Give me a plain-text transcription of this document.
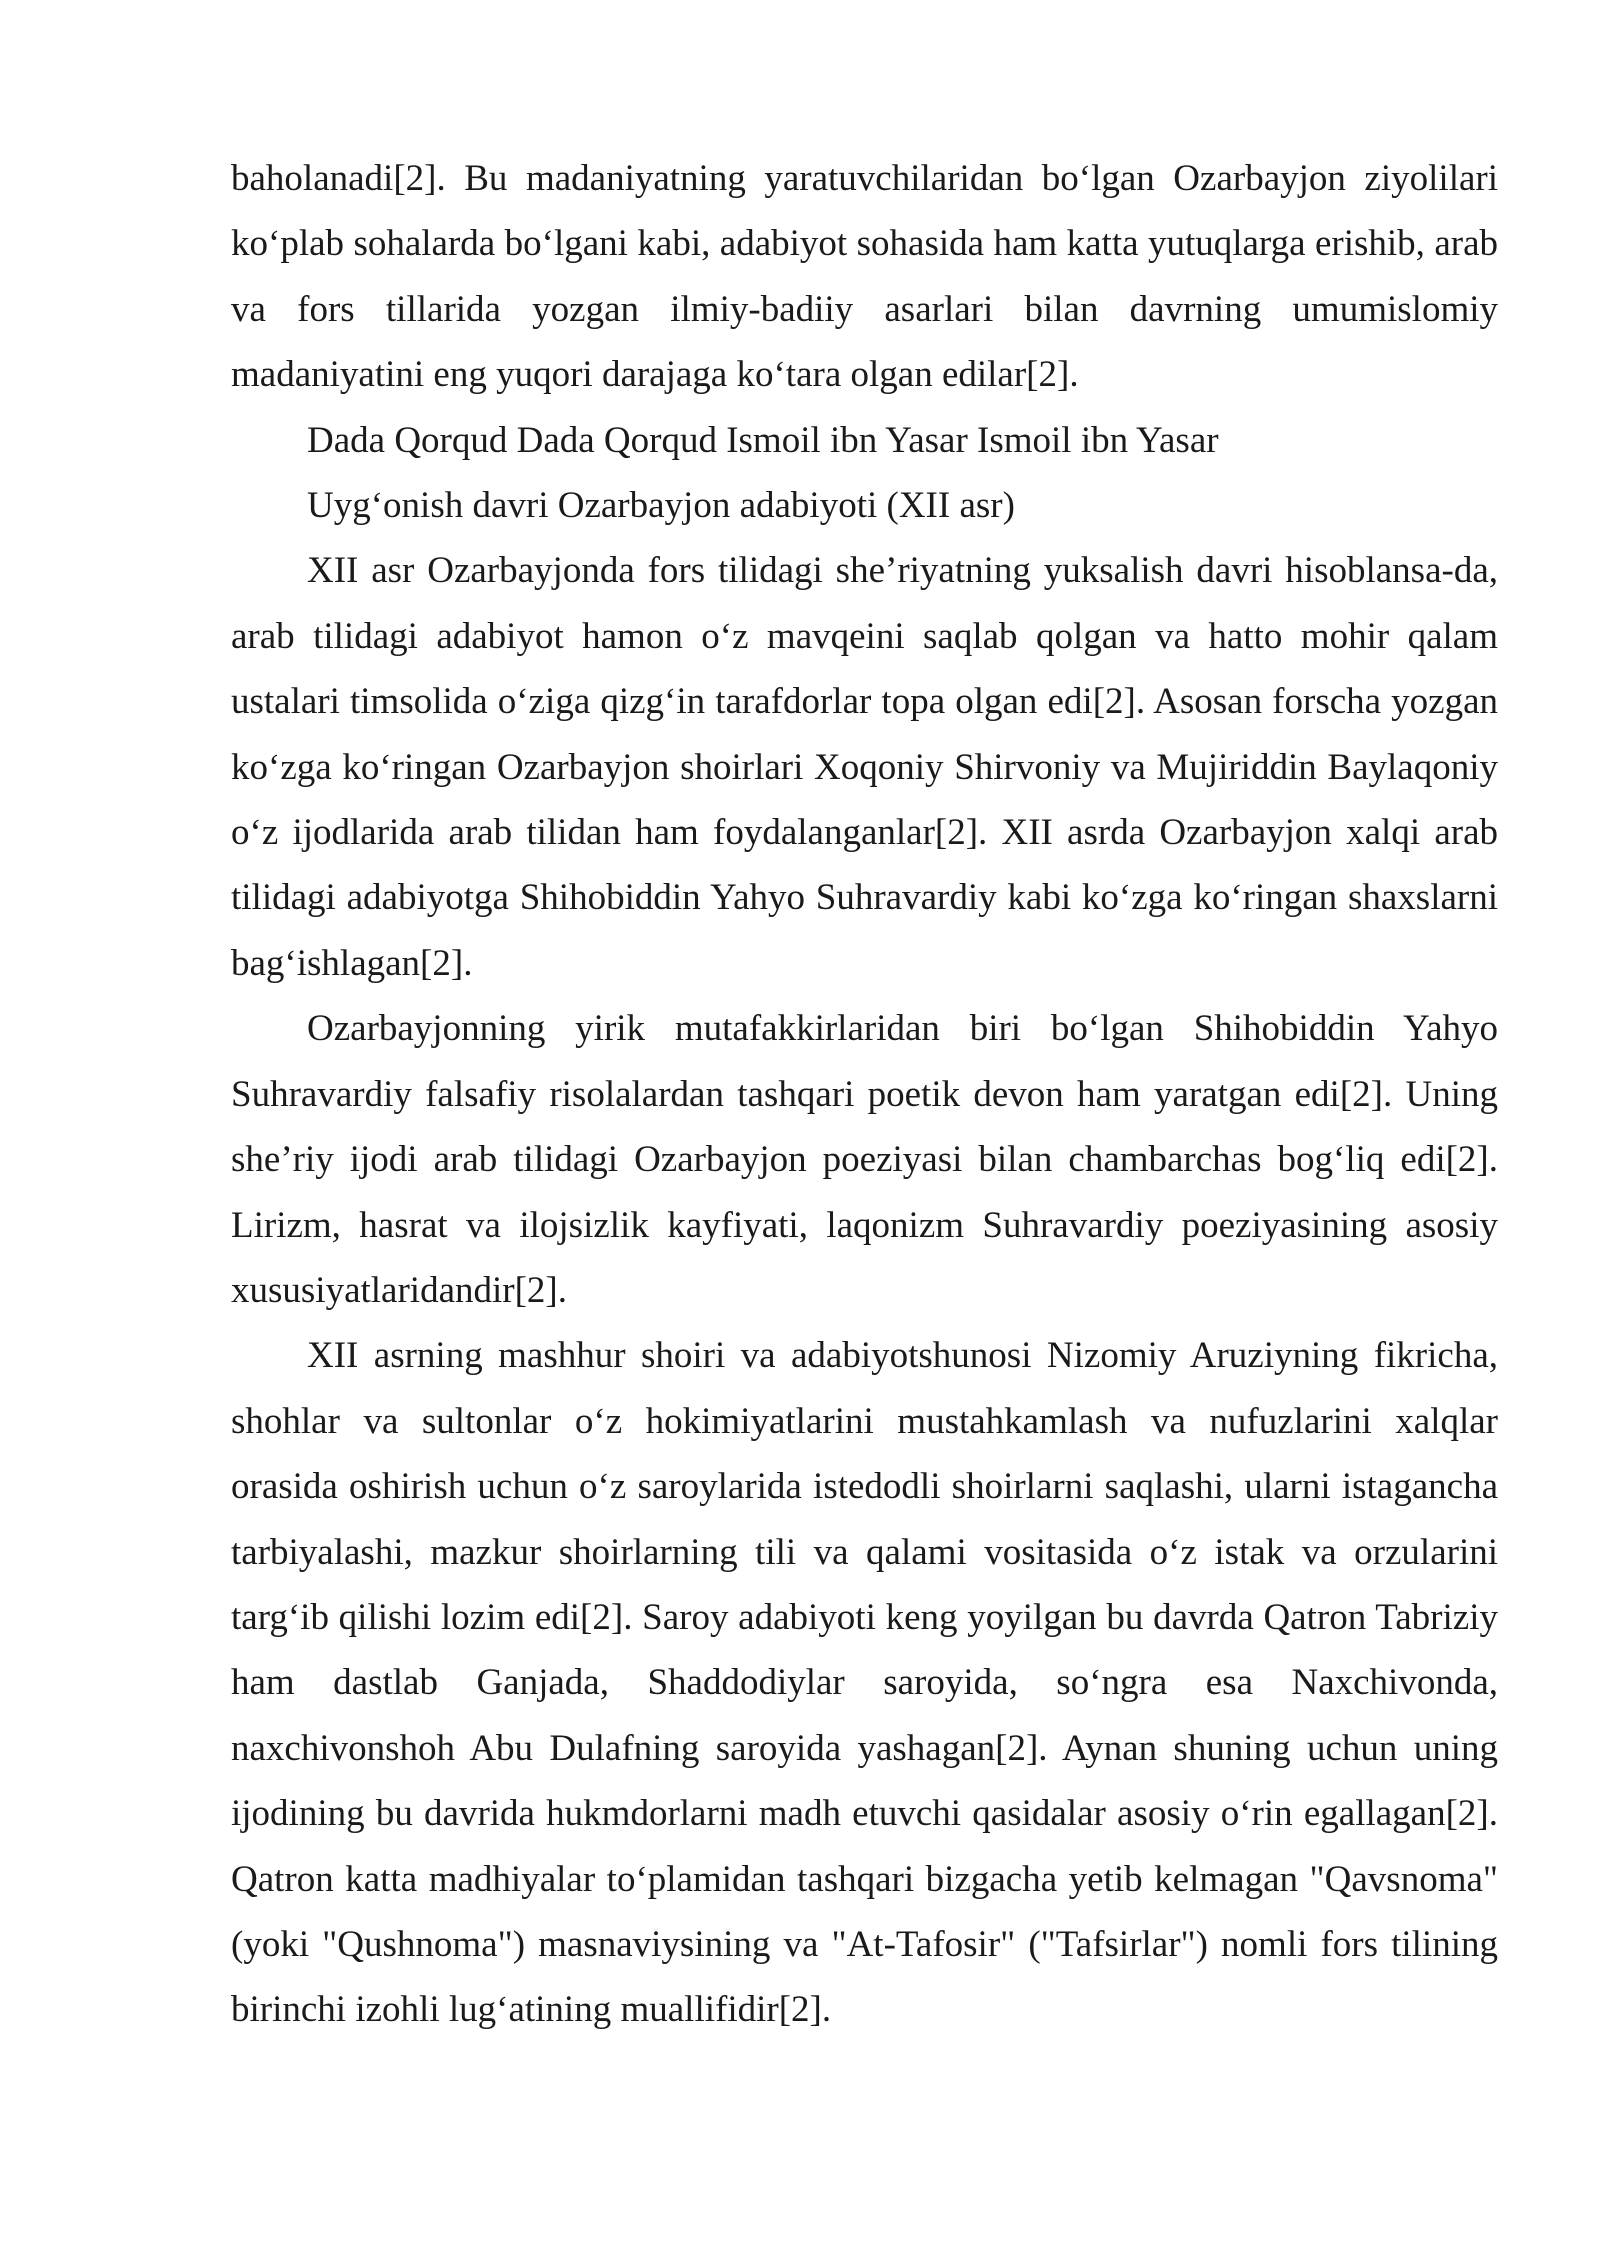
baholanadi[2]. Bu madaniyatning yaratuvchilaridan bo‘lgan Ozarbayjon ziyolilari ko‘plab sohalarda bo‘lgani kabi, adabiyot sohasida ham katta yutuqlarga erishib, arab va fors tillarida yozgan ilmiy-badiiy asarlari bilan davrning umumislomiy madaniyatini eng yuqori darajaga ko‘tara olgan edilar[2].

Dada Qorqud Dada Qorqud Ismoil ibn Yasar Ismoil ibn Yasar

Uyg‘onish davri Ozarbayjon adabiyoti (XII asr)

XII asr Ozarbayjonda fors tilidagi she’riyatning yuksalish davri hisoblansa-da, arab tilidagi adabiyot hamon o‘z mavqeini saqlab qolgan va hatto mohir qalam ustalari timsolida o‘ziga qizg‘in tarafdorlar topa olgan edi[2]. Asosan forscha yozgan ko‘zga ko‘ringan Ozarbayjon shoirlari Xoqoniy Shirvoniy va Mujiriddin Baylaqoniy o‘z ijodlarida arab tilidan ham foydalanganlar[2]. XII asrda Ozarbayjon xalqi arab tilidagi adabiyotga Shihobiddin Yahyo Suhravardiy kabi ko‘zga ko‘ringan shaxslarni bag‘ishlagan[2].

Ozarbayjonning yirik mutafakkirlaridan biri bo‘lgan Shihobiddin Yahyo Suhravardiy falsafiy risolalardan tashqari poetik devon ham yaratgan edi[2]. Uning she’riy ijodi arab tilidagi Ozarbayjon poeziyasi bilan chambarchas bog‘liq edi[2]. Lirizm, hasrat va ilojsizlik kayfiyati, laqonizm Suhravardiy poeziyasining asosiy xususiyatlaridandir[2].

XII asrning mashhur shoiri va adabiyotshunosi Nizomiy Aruziyning fikricha, shohlar va sultonlar o‘z hokimiyatlarini mustahkamlash va nufuzlarini xalqlar orasida oshirish uchun o‘z saroylarida istedodli shoirlarni saqlashi, ularni istagancha tarbiyalashi, mazkur shoirlarning tili va qalami vositasida o‘z istak va orzularini targ‘ib qilishi lozim edi[2]. Saroy adabiyoti keng yoyilgan bu davrda Qatron Tabriziy ham dastlab Ganjada, Shaddodiylar saroyida, so‘ngra esa Naxchivonda, naxchivonshoh Abu Dulafning saroyida yashagan[2]. Aynan shuning uchun uning ijodining bu davrida hukmdorlarni madh etuvchi qasidalar asosiy o‘rin egallagan[2]. Qatron katta madhiyalar to‘plamidan tashqari bizgacha yetib kelmagan "Qavsnoma" (yoki "Qushnoma") masnaviysining va "At-Tafosir" ("Tafsirlar") nomli fors tilining birinchi izohli lug‘atining muallifidir[2].
